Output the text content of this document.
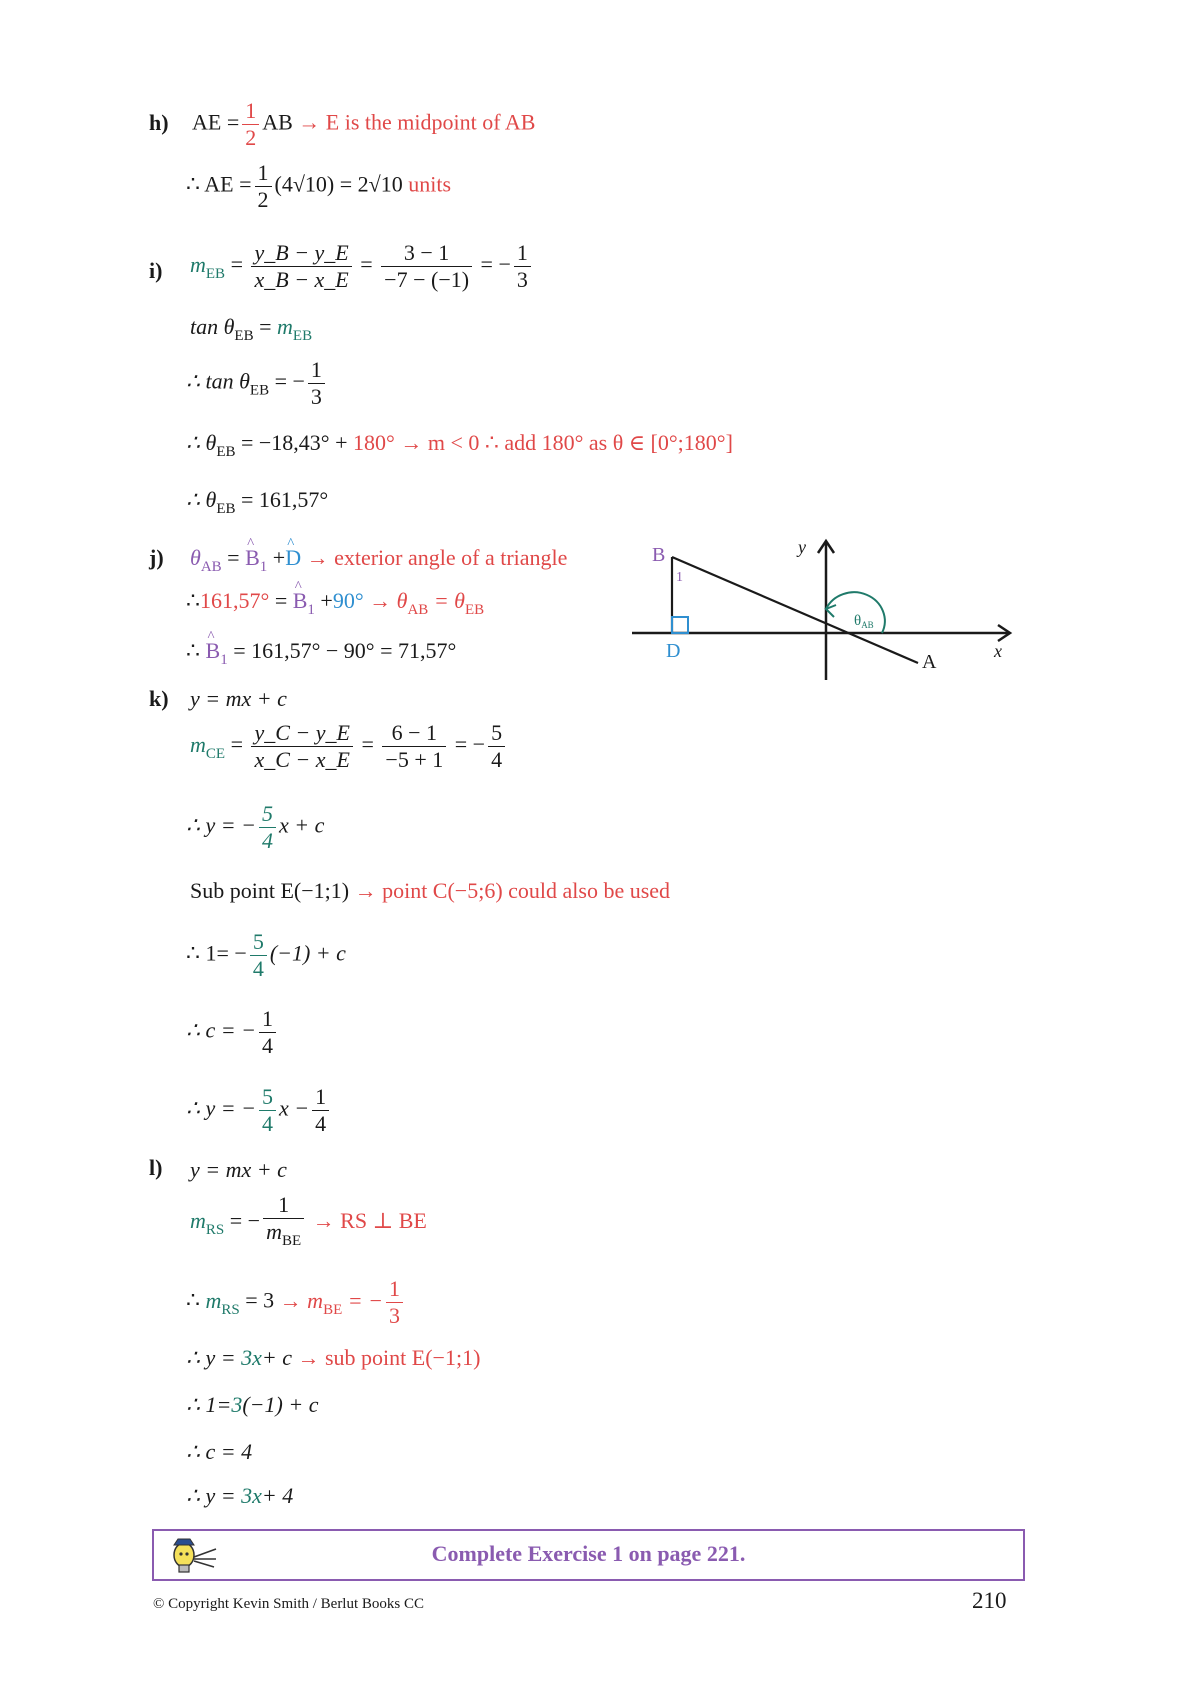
h) AE = $\frac{1}{2}$ AB → E is the midpoint of AB
∴ AE = $\frac{1}{2} (4√10) = 2√10$ units
i) $m_{EB} = \frac{y\_B - y\_E}{x\_B - x\_E} = \frac{3 - 1}{-7 - (-1)}$ = − $\frac{1}{3}$
$\tan \theta_{EB} = m_{EB}$
∴ $\tan \theta_{EB}$ = − $\frac{1}{3}$
∴ $\theta_{EB} = -18,43^\circ + 180^\circ \to m < 0$ ∴ add 180° as θ ∈ [0°;180°]
∴ $\theta_{EB} = 161,57^\circ$
j) $\theta_{AB}$ = ^ $B_1$ +^ D → exterior angle of a triangle
∴161,57° = ^ $B_1 +90^\circ \to \theta_{AB} = \theta_{EB}$
∴ ^ $B_1 = 161,57^\circ - 90^\circ = 71,57^\circ$
B
1
D	A	x
y
$\theta_{AB}$
k) y = mx + c
$m_{CE} = \frac{y\_C - y\_E}{x\_C - x\_E} = \frac{6 - 1}{-5 + 1}$ = − $\frac{5}{4}$
∴ y = − $\frac{5}{4}$ x + c
Sub point E(−1;1) → point C(−5;6) could also be used
∴ $1= - \frac{5}{4} (-1) + c$
∴ c = − $\frac{1}{4}$
∴ y = − $\frac{5}{4}$ $x - \frac{1}{4}$
l) y = mx + c
$m_{RS}$ = − $\frac{1}{m_{BE}}$ → RS ⊥ BE
∴ $m_{RS} = 3 \to m_{BE}$ = − $\frac{1}{3}$
∴ y = 3x+ c → sub point E(−1;1)
∴ 1=3(−1) + c
∴ c = 4
∴ y = 3x+ 4
Complete Exercise 1 on page 221.
© Copyright Kevin Smith / Berlut Books CC	210
